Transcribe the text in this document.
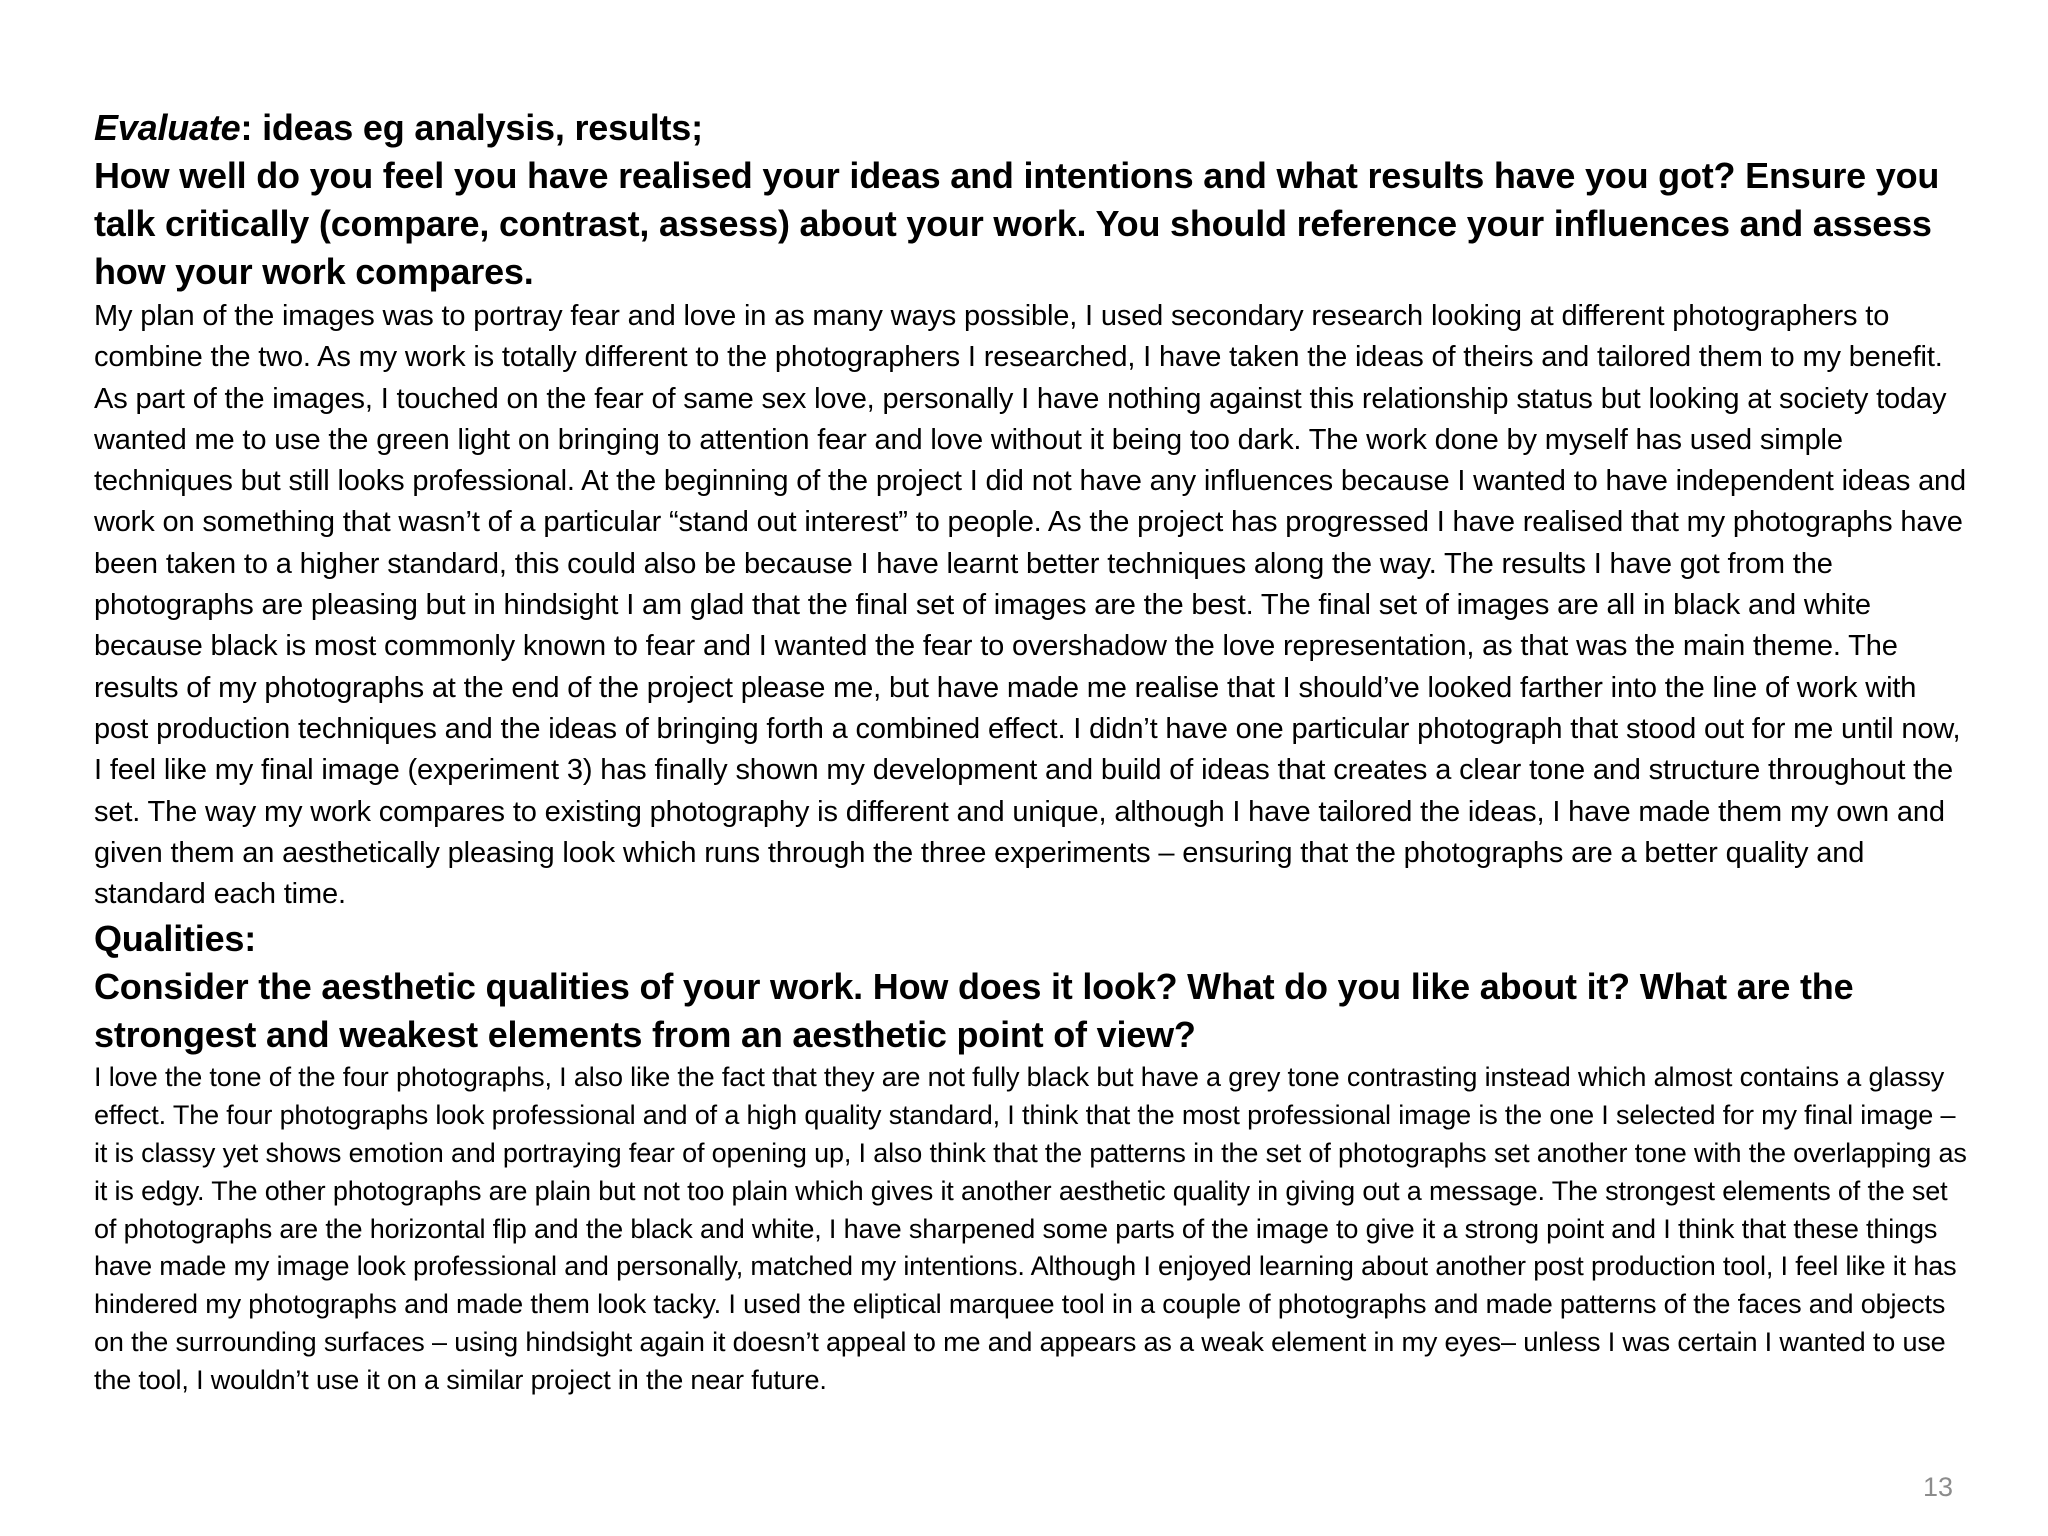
Evaluate: ideas eg analysis, results;

How well do you feel you have realised your ideas and intentions and what results have you got? Ensure you talk critically (compare, contrast, assess) about your work. You should reference your influences and assess how your work compares.

My plan of the images was to portray fear and love in as many ways possible, I used secondary research looking at different photographers to combine the two. As my work is totally different to the photographers I researched, I have taken the ideas of theirs and tailored them to my benefit. As part of the images, I touched on the fear of same sex love, personally I have nothing against this relationship status but looking at society today wanted me to use the green light on bringing to attention fear and love without it being too dark. The work done by myself has used simple techniques but still looks professional. At the beginning of the project I did not have any influences because I wanted to have independent ideas and work on something that wasn’t of a particular “stand out interest” to people. As the project has progressed I have realised that my photographs have been taken to a higher standard, this could also be because I have learnt better techniques along the way. The results I have got from the photographs are pleasing but in hindsight I am glad that the final set of images are the best. The final set of images are all in black and white because black is most commonly known to fear and I wanted the fear to overshadow the love representation, as that was the main theme. The results of my photographs at the end of the project please me, but have made me realise that I should’ve looked farther into the line of work with post production techniques and the ideas of bringing forth a combined effect. I didn’t have one particular photograph that stood out for me until now, I feel like my final image (experiment 3) has finally shown my development and build of ideas that creates a clear tone and structure throughout the set. The way my work compares to existing photography is different and unique, although I have tailored the ideas, I have made them my own and given them an aesthetically pleasing look which runs through the three experiments – ensuring that the photographs are a better quality and standard each time.

Qualities:

Consider the aesthetic qualities of your work. How does it look? What do you like about it? What are the strongest and weakest elements from an aesthetic point of view?

I love the tone of the four photographs, I also like the fact that they are not fully black but have a grey tone contrasting instead which almost contains a glassy effect. The four photographs look professional and of a high quality standard, I think that the most professional image is the one I selected for my final image – it is classy yet shows emotion and portraying fear of opening up, I also think that the patterns in the set of photographs set another tone with the overlapping as it is edgy. The other photographs are plain but not too plain which gives it another aesthetic quality in giving out a message. The strongest elements of the set of photographs are the horizontal flip and the black and white, I have sharpened some parts of the image to give it a strong point and I think that these things have made my image look professional and personally, matched my intentions. Although I enjoyed learning about another post production tool, I feel like it has hindered my photographs and made them look tacky. I used the eliptical marquee tool in a couple of photographs and made patterns of the faces and objects on the surrounding surfaces – using hindsight again it doesn’t appeal to me and appears as a weak element in my eyes– unless I was certain I wanted to use the tool, I wouldn’t use it on a similar project in the near future.

13
